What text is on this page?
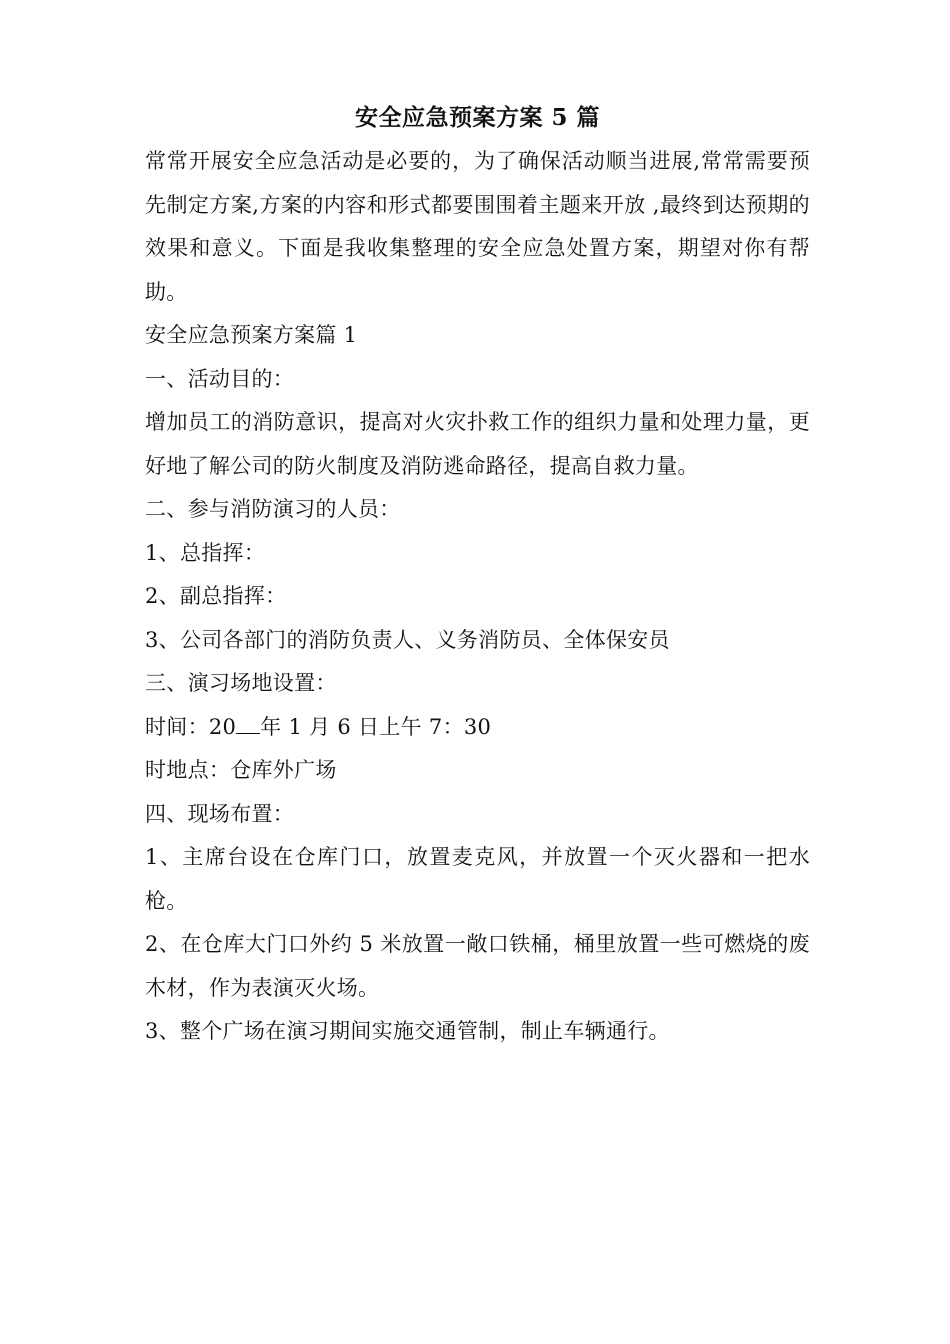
安全应急预案方案 5 篇

常常开展安全应急活动是必要的，为了确保活动顺当进展,常常需要预先制定方案,方案的内容和形式都要围围着主题来开放 ,最终到达预期的效果和意义。下面是我收集整理的安全应急处置方案，期望对你有帮助。

安全应急预案方案篇 1

一、活动目的：

增加员工的消防意识，提高对火灾扑救工作的组织力量和处理力量，更好地了解公司的防火制度及消防逃命路径，提高自救力量。

二、参与消防演习的人员：

1、总指挥：

2、副总指挥：

3、公司各部门的消防负责人、义务消防员、全体保安员

三、演习场地设置：

时间：20 年 1 月 6 日上午 7：30

时地点：仓库外广场

四、现场布置：

1、主席台设在仓库门口，放置麦克风，并放置一个灭火器和一把水枪。

2、在仓库大门口外约 5 米放置一敞口铁桶，桶里放置一些可燃烧的废木材，作为表演灭火场。

3、整个广场在演习期间实施交通管制，制止车辆通行。
